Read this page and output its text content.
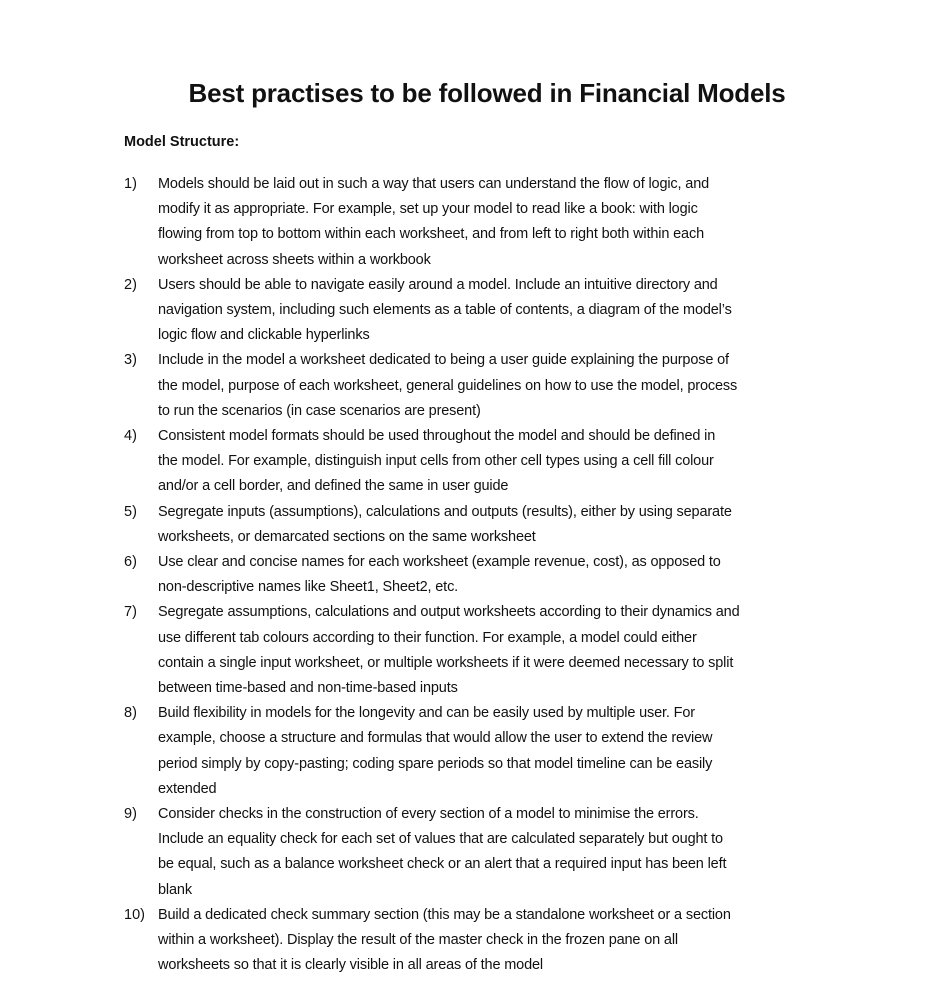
Best practises to be followed in Financial Models
Model Structure:
1) Models should be laid out in such a way that users can understand the flow of logic, and
modify it as appropriate. For example, set up your model to read like a book: with logic
flowing from top to bottom within each worksheet, and from left to right both within each
worksheet across sheets within a workbook
2) Users should be able to navigate easily around a model. Include an intuitive directory and
navigation system, including such elements as a table of contents, a diagram of the model’s
logic flow and clickable hyperlinks
3) Include in the model a worksheet dedicated to being a user guide explaining the purpose of
the model, purpose of each worksheet, general guidelines on how to use the model, process
to run the scenarios (in case scenarios are present)
4) Consistent model formats should be used throughout the model and should be defined in
the model. For example, distinguish input cells from other cell types using a cell fill colour
and/or a cell border, and defined the same in user guide
5) Segregate inputs (assumptions), calculations and outputs (results), either by using separate
worksheets, or demarcated sections on the same worksheet
6) Use clear and concise names for each worksheet (example revenue, cost), as opposed to
non-descriptive names like Sheet1, Sheet2, etc.
7) Segregate assumptions, calculations and output worksheets according to their dynamics and
use different tab colours according to their function. For example, a model could either
contain a single input worksheet, or multiple worksheets if it were deemed necessary to split
between time-based and non-time-based inputs
8) Build flexibility in models for the longevity and can be easily used by multiple user. For
example, choose a structure and formulas that would allow the user to extend the review
period simply by copy-pasting; coding spare periods so that model timeline can be easily
extended
9) Consider checks in the construction of every section of a model to minimise the errors.
Include an equality check for each set of values that are calculated separately but ought to
be equal, such as a balance worksheet check or an alert that a required input has been left
blank
10) Build a dedicated check summary section (this may be a standalone worksheet or a section
within a worksheet). Display the result of the master check in the frozen pane on all
worksheets so that it is clearly visible in all areas of the model
